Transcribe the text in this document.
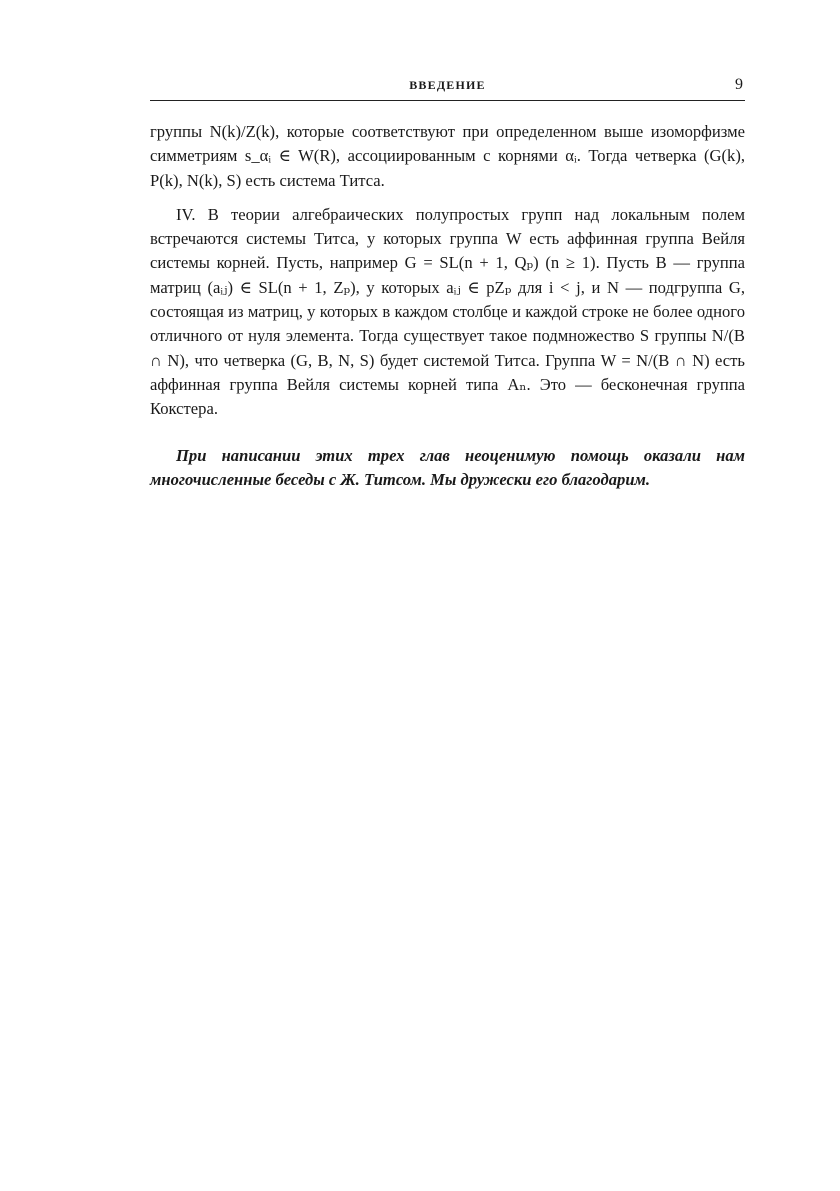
ВВЕДЕНИЕ	9

группы N(k)/Z(k), которые соответствуют при определенном выше изоморфизме симметриям s_αᵢ ∈ W(R), ассоциированным с корнями αᵢ. Тогда четверка (G(k), P(k), N(k), S) есть система Титса.

IV. В теории алгебраических полупростых групп над локальным полем встречаются системы Титса, у которых группа W есть аффинная группа Вейля системы корней. Пусть, например G = SL(n + 1, Qₚ) (n ≥ 1). Пусть B — группа матриц (aᵢⱼ) ∈ SL(n + 1, Zₚ), у которых aᵢⱼ ∈ pZₚ для i < j, и N — подгруппа G, состоящая из матриц, у которых в каждом столбце и каждой строке не более одного отличного от нуля элемента. Тогда существует такое подмножество S группы N/(B ∩ N), что четверка (G, B, N, S) будет системой Титса. Группа W = N/(B ∩ N) есть аффинная группа Вейля системы корней типа Aₙ. Это — бесконечная группа Кокстера.

При написании этих трех глав неоценимую помощь оказали нам многочисленные беседы с Ж. Титсом. Мы дружески его благодарим.
